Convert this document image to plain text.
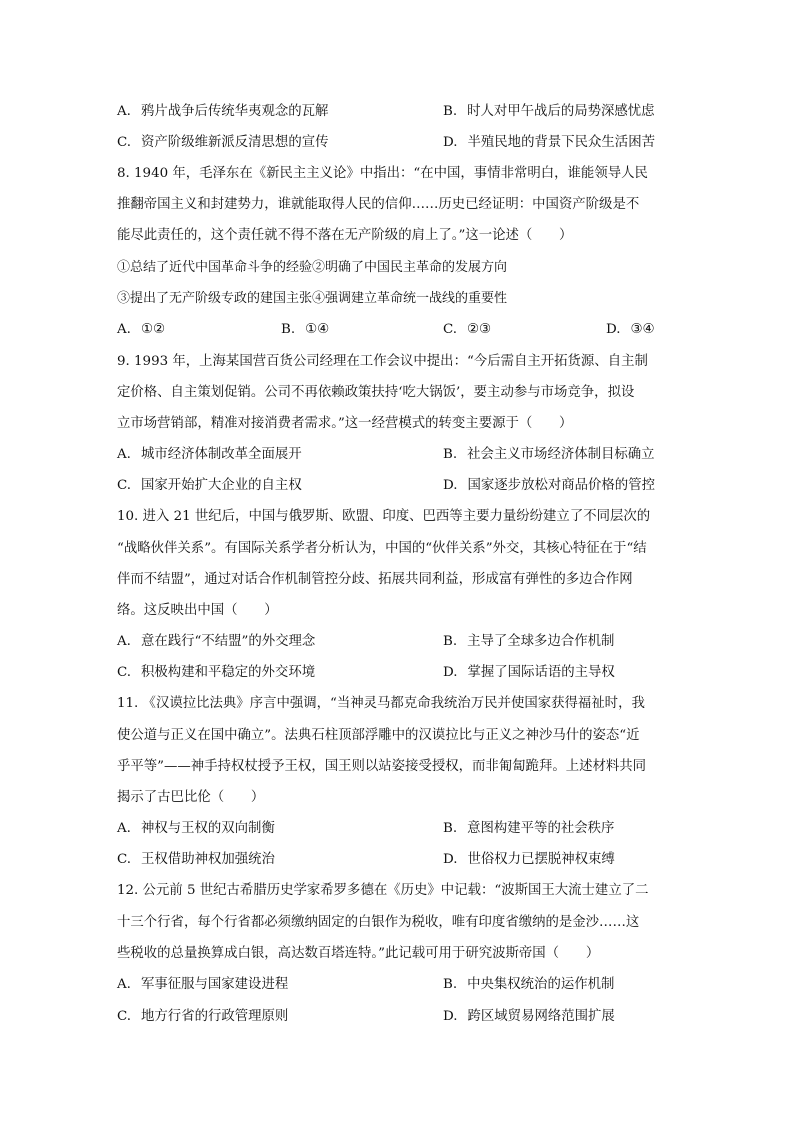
A. 鸦片战争后传统华夷观念的瓦解	B. 时人对甲午战后的局势深感忧虑
C. 资产阶级维新派反清思想的宣传	D. 半殖民地的背景下民众生活困苦
8. 1940 年，毛泽东在《新民主主义论》中指出：“在中国，事情非常明白，谁能领导人民
推翻帝国主义和封建势力，谁就能取得人民的信仰……历史已经证明：中国资产阶级是不
能尽此责任的，这个责任就不得不落在无产阶级的肩上了。”这一论述（　　）
①总结了近代中国革命斗争的经验②明确了中国民主革命的发展方向
③提出了无产阶级专政的建国主张④强调建立革命统一战线的重要性
A. ①②	B. ①④	C. ②③	D. ③④
9. 1993 年，上海某国营百货公司经理在工作会议中提出：“今后需自主开拓货源、自主制
定价格、自主策划促销。公司不再依赖政策扶持‘吃大锅饭’，要主动参与市场竞争，拟设
立市场营销部，精准对接消费者需求。”这一经营模式的转变主要源于（　　）
A. 城市经济体制改革全面展开	B. 社会主义市场经济体制目标确立
C. 国家开始扩大企业的自主权	D. 国家逐步放松对商品价格的管控
10. 进入 21 世纪后，中国与俄罗斯、欧盟、印度、巴西等主要力量纷纷建立了不同层次的
“战略伙伴关系”。有国际关系学者分析认为，中国的“伙伴关系”外交，其核心特征在于“结
伴而不结盟”，通过对话合作机制管控分歧、拓展共同利益，形成富有弹性的多边合作网
络。这反映出中国（　　）
A. 意在践行“不结盟”的外交理念	B. 主导了全球多边合作机制
C. 积极构建和平稳定的外交环境	D. 掌握了国际话语的主导权
11. 《汉谟拉比法典》序言中强调，“当神灵马都克命我统治万民并使国家获得福祉时，我
使公道与正义在国中确立”。法典石柱顶部浮雕中的汉谟拉比与正义之神沙马什的姿态“近
乎平等”——神手持权杖授予王权，国王则以站姿接受授权，而非匍匐跪拜。上述材料共同
揭示了古巴比伦（　　）
A. 神权与王权的双向制衡	B. 意图构建平等的社会秩序
C. 王权借助神权加强统治	D. 世俗权力已摆脱神权束缚
12. 公元前 5 世纪古希腊历史学家希罗多德在《历史》中记载：“波斯国王大流士建立了二
十三个行省，每个行省都必须缴纳固定的白银作为税收，唯有印度省缴纳的是金沙……这
些税收的总量换算成白银，高达数百塔连特。”此记载可用于研究波斯帝国（　　）
A. 军事征服与国家建设进程	B. 中央集权统治的运作机制
C. 地方行省的行政管理原则	D. 跨区域贸易网络范围扩展
